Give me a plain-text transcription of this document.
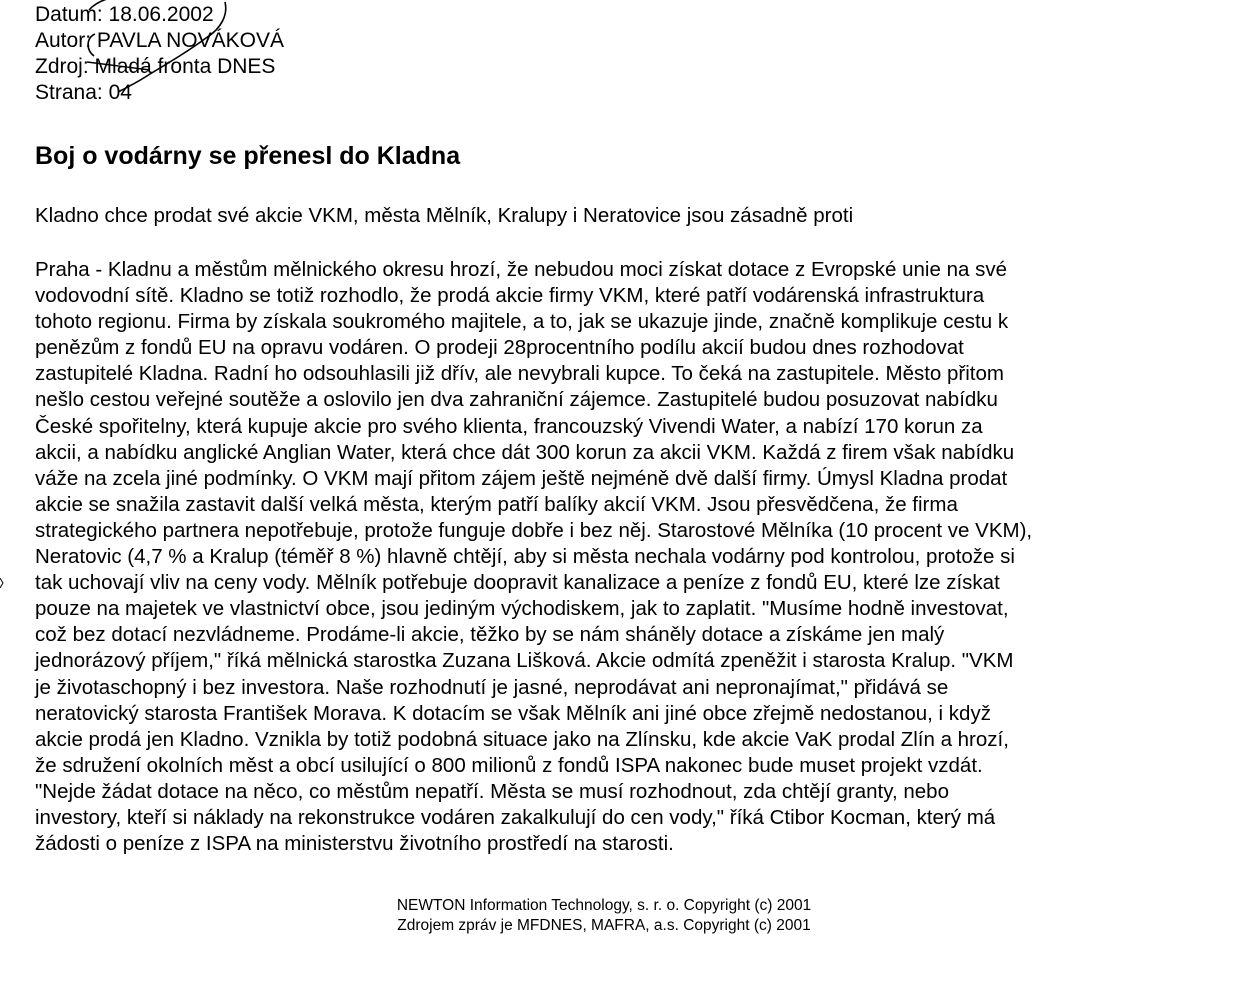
Datum: 18.06.2002
Autor: PAVLA NOVÁKOVÁ
Zdroj: Mladá fronta DNES
Strana: 04
Boj o vodárny se přenesl do Kladna

Kladno chce prodat své akcie VKM, města Mělník, Kralupy i Neratovice jsou zásadně proti

Praha - Kladnu a městům mělnického okresu hrozí, že nebudou moci získat dotace z Evropské unie na své
vodovodní sítě. Kladno se totiž rozhodlo, že prodá akcie firmy VKM, které patří vodárenská infrastruktura
tohoto regionu. Firma by získala soukromého majitele, a to, jak se ukazuje jinde, značně komplikuje cestu k
penězům z fondů EU na opravu vodáren. O prodeji 28procentního podílu akcií budou dnes rozhodovat
zastupitelé Kladna. Radní ho odsouhlasili již dřív, ale nevybrali kupce. To čeká na zastupitele. Město přitom
nešlo cestou veřejné soutěže a oslovilo jen dva zahraniční zájemce. Zastupitelé budou posuzovat nabídku
České spořitelny, která kupuje akcie pro svého klienta, francouzský Vivendi Water, a nabízí 170 korun za
akcii, a nabídku anglické Anglian Water, která chce dát 300 korun za akcii VKM. Každá z firem však nabídku
váže na zcela jiné podmínky. O VKM mají přitom zájem ještě nejméně dvě další firmy. Úmysl Kladna prodat
akcie se snažila zastavit další velká města, kterým patří balíky akcií VKM. Jsou přesvědčena, že firma
strategického partnera nepotřebuje, protože funguje dobře i bez něj. Starostové Mělníka (10 procent ve VKM),
Neratovic (4,7 % a Kralup (téměř 8 %) hlavně chtějí, aby si města nechala vodárny pod kontrolou, protože si
tak uchovají vliv na ceny vody. Mělník potřebuje doopravit kanalizace a peníze z fondů EU, které lze získat
pouze na majetek ve vlastnictví obce, jsou jediným východiskem, jak to zaplatit. "Musíme hodně investovat,
což bez dotací nezvládneme. Prodáme-li akcie, těžko by se nám sháněly dotace a získáme jen malý
jednorázový příjem," říká mělnická starostka Zuzana Lišková. Akcie odmítá zpeněžit i starosta Kralup. "VKM
je životaschopný i bez investora. Naše rozhodnutí je jasné, neprodávat ani nepronajímat," přidává se
neratovický starosta František Morava. K dotacím se však Mělník ani jiné obce zřejmě nedostanou, i když
akcie prodá jen Kladno. Vznikla by totiž podobná situace jako na Zlínsku, kde akcie VaK prodal Zlín a hrozí,
že sdružení okolních měst a obcí usilující o 800 milionů z fondů ISPA nakonec bude muset projekt vzdát.
"Nejde žádat dotace na něco, co městům nepatří. Města se musí rozhodnout, zda chtějí granty, nebo
investory, kteří si náklady na rekonstrukce vodáren zakalkulují do cen vody," říká Ctibor Kocman, který má
žádosti o peníze z ISPA na ministerstvu životního prostředí na starosti.
NEWTON Information Technology, s. r. o. Copyright (c) 2001
Zdrojem zpráv je MFDNES, MAFRA, a.s. Copyright (c) 2001
